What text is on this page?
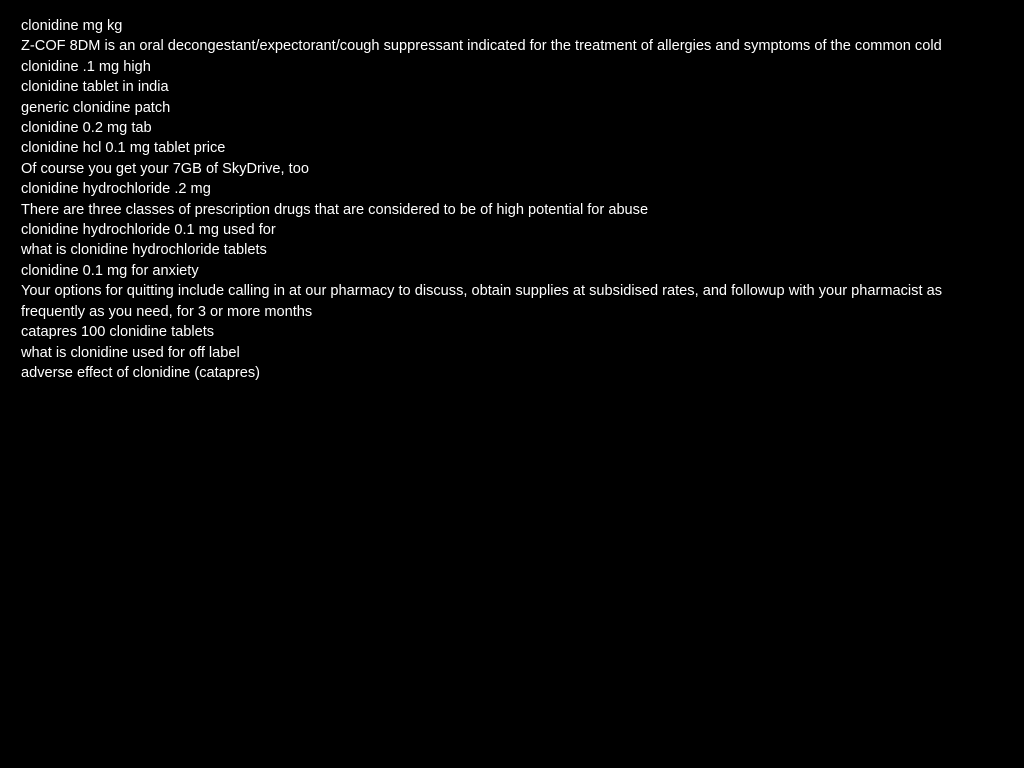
clonidine mg kg
Z-COF 8DM is an oral decongestant/expectorant/cough suppressant indicated for the treatment of allergies and symptoms of the common cold
clonidine .1 mg high
clonidine tablet in india
generic clonidine patch
clonidine 0.2 mg tab
clonidine hcl 0.1 mg tablet price
Of course you get your 7GB of SkyDrive, too
clonidine hydrochloride .2 mg
There are three classes of prescription drugs that are considered to be of high potential for abuse
clonidine hydrochloride 0.1 mg used for
what is clonidine hydrochloride tablets
clonidine 0.1 mg for anxiety
Your options for quitting include calling in at our pharmacy to discuss, obtain supplies at subsidised rates, and followup with your pharmacist as frequently as you need, for 3 or more months
catapres 100 clonidine tablets
what is clonidine used for off label
adverse effect of clonidine (catapres)
